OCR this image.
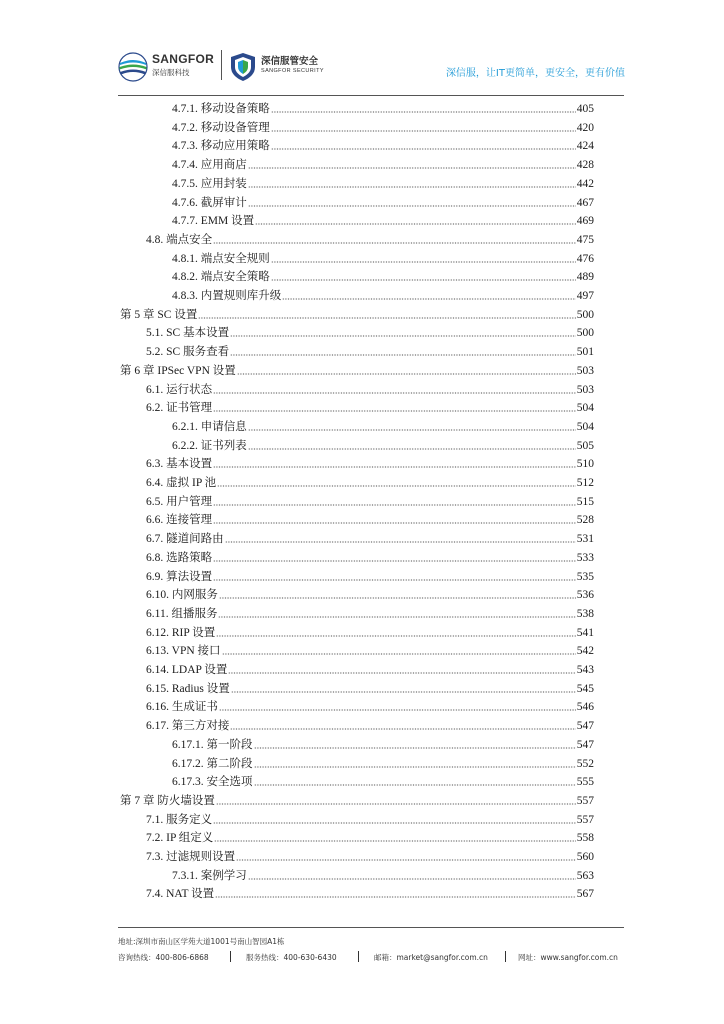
SANGFOR
深信服科技
深信服管安全
SANGFOR SECURITY	深信服，让IT更简单，更安全，更有价值
4.7.1. 移动设备策略	405
4.7.2. 移动设备管理	420
4.7.3. 移动应用策略	424
4.7.4. 应用商店	428
4.7.5. 应用封装	442
4.7.6. 截屏审计	467
4.7.7. EMM 设置	469
4.8. 端点安全	475
4.8.1. 端点安全规则	476
4.8.2. 端点安全策略	489
4.8.3. 内置规则库升级	497
第 5 章 SC 设置	500
5.1. SC 基本设置	500
5.2. SC 服务查看	501
第 6 章 IPSec VPN 设置	503
6.1. 运行状态	503
6.2. 证书管理	504
6.2.1. 申请信息	504
6.2.2. 证书列表	505
6.3. 基本设置	510
6.4. 虚拟 IP 池	512
6.5. 用户管理	515
6.6. 连接管理	528
6.7. 隧道间路由	531
6.8. 选路策略	533
6.9. 算法设置	535
6.10. 内网服务	536
6.11. 组播服务	538
6.12. RIP 设置	541
6.13. VPN 接口	542
6.14. LDAP 设置	543
6.15. Radius 设置	545
6.16. 生成证书	546
6.17. 第三方对接	547
6.17.1. 第一阶段	547
6.17.2. 第二阶段	552
6.17.3. 安全选项	555
第 7 章 防火墙设置	557
7.1. 服务定义	557
7.2. IP 组定义	558
7.3. 过滤规则设置	560
7.3.1. 案例学习	563
7.4. NAT 设置	567
地址:深圳市南山区学苑大道1001号南山智园A1栋
咨询热线：400-806-6868	服务热线：400-630-6430	邮箱：market@sangfor.com.cn	网址：www.sangfor.com.cn
